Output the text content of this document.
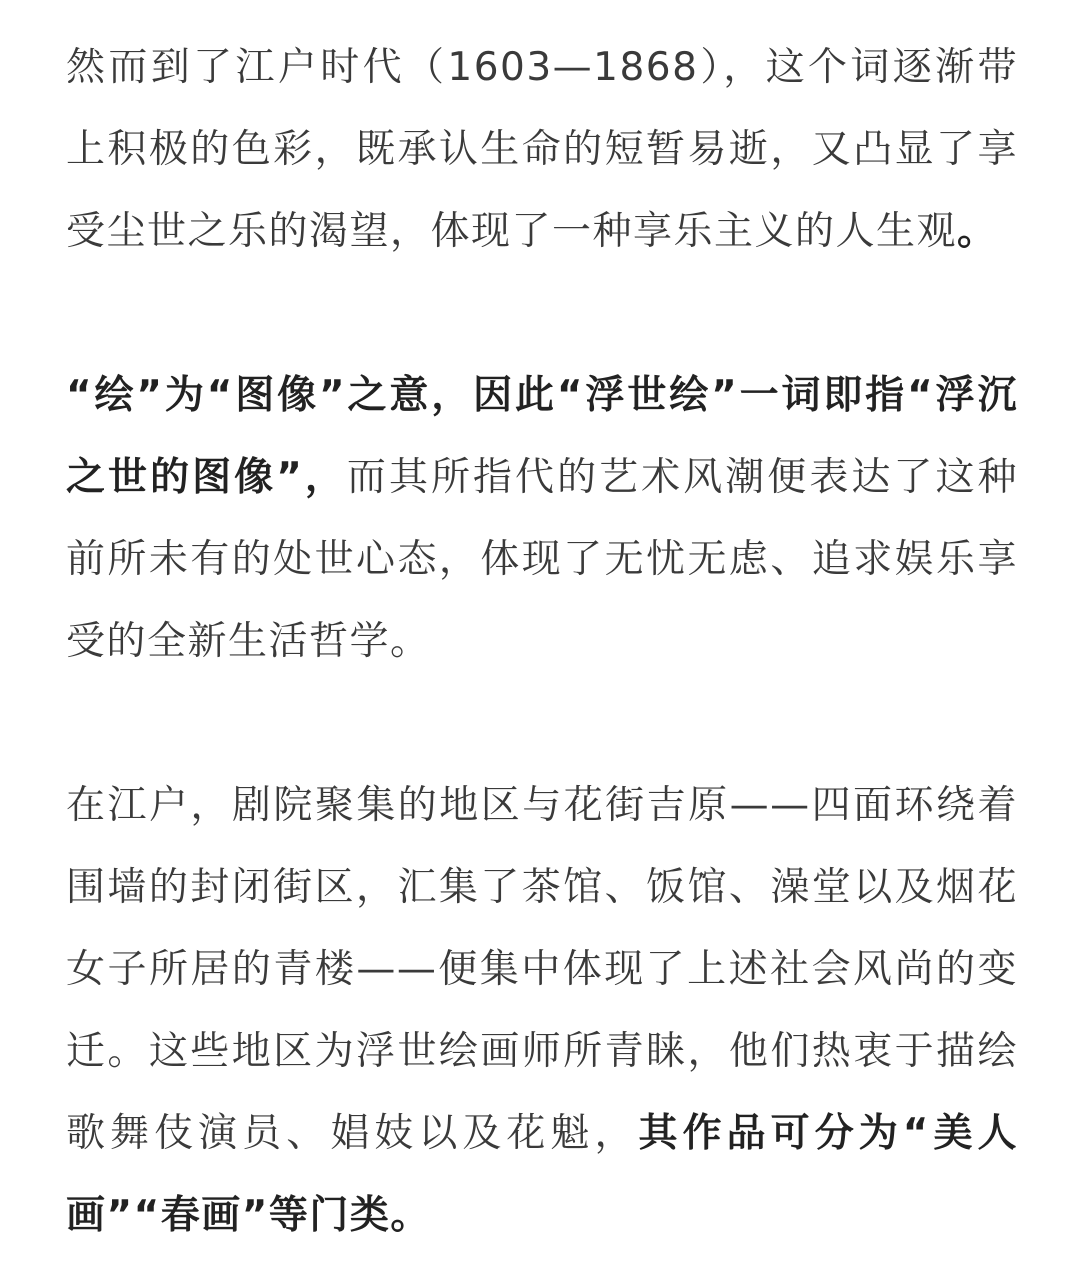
然而到了江户时代（1603—1868），这个词逐渐带上积极的色彩，既承认生命的短暂易逝，又凸显了享受尘世之乐的渴望，体现了一种享乐主义的人生观。

“绘”为“图像”之意，因此“浮世绘”一词即指“浮沉之世的图像”，而其所指代的艺术风潮便表达了这种前所未有的处世心态，体现了无忧无虑、追求娱乐享受的全新生活哲学。

在江户，剧院聚集的地区与花街吉原——四面环绕着围墙的封闭街区，汇集了茶馆、饭馆、澡堂以及烟花女子所居的青楼——便集中体现了上述社会风尚的变迁。这些地区为浮世绘画师所青睐，他们热衷于描绘歌舞伎演员、娼妓以及花魁，其作品可分为“美人画”“春画”等门类。
